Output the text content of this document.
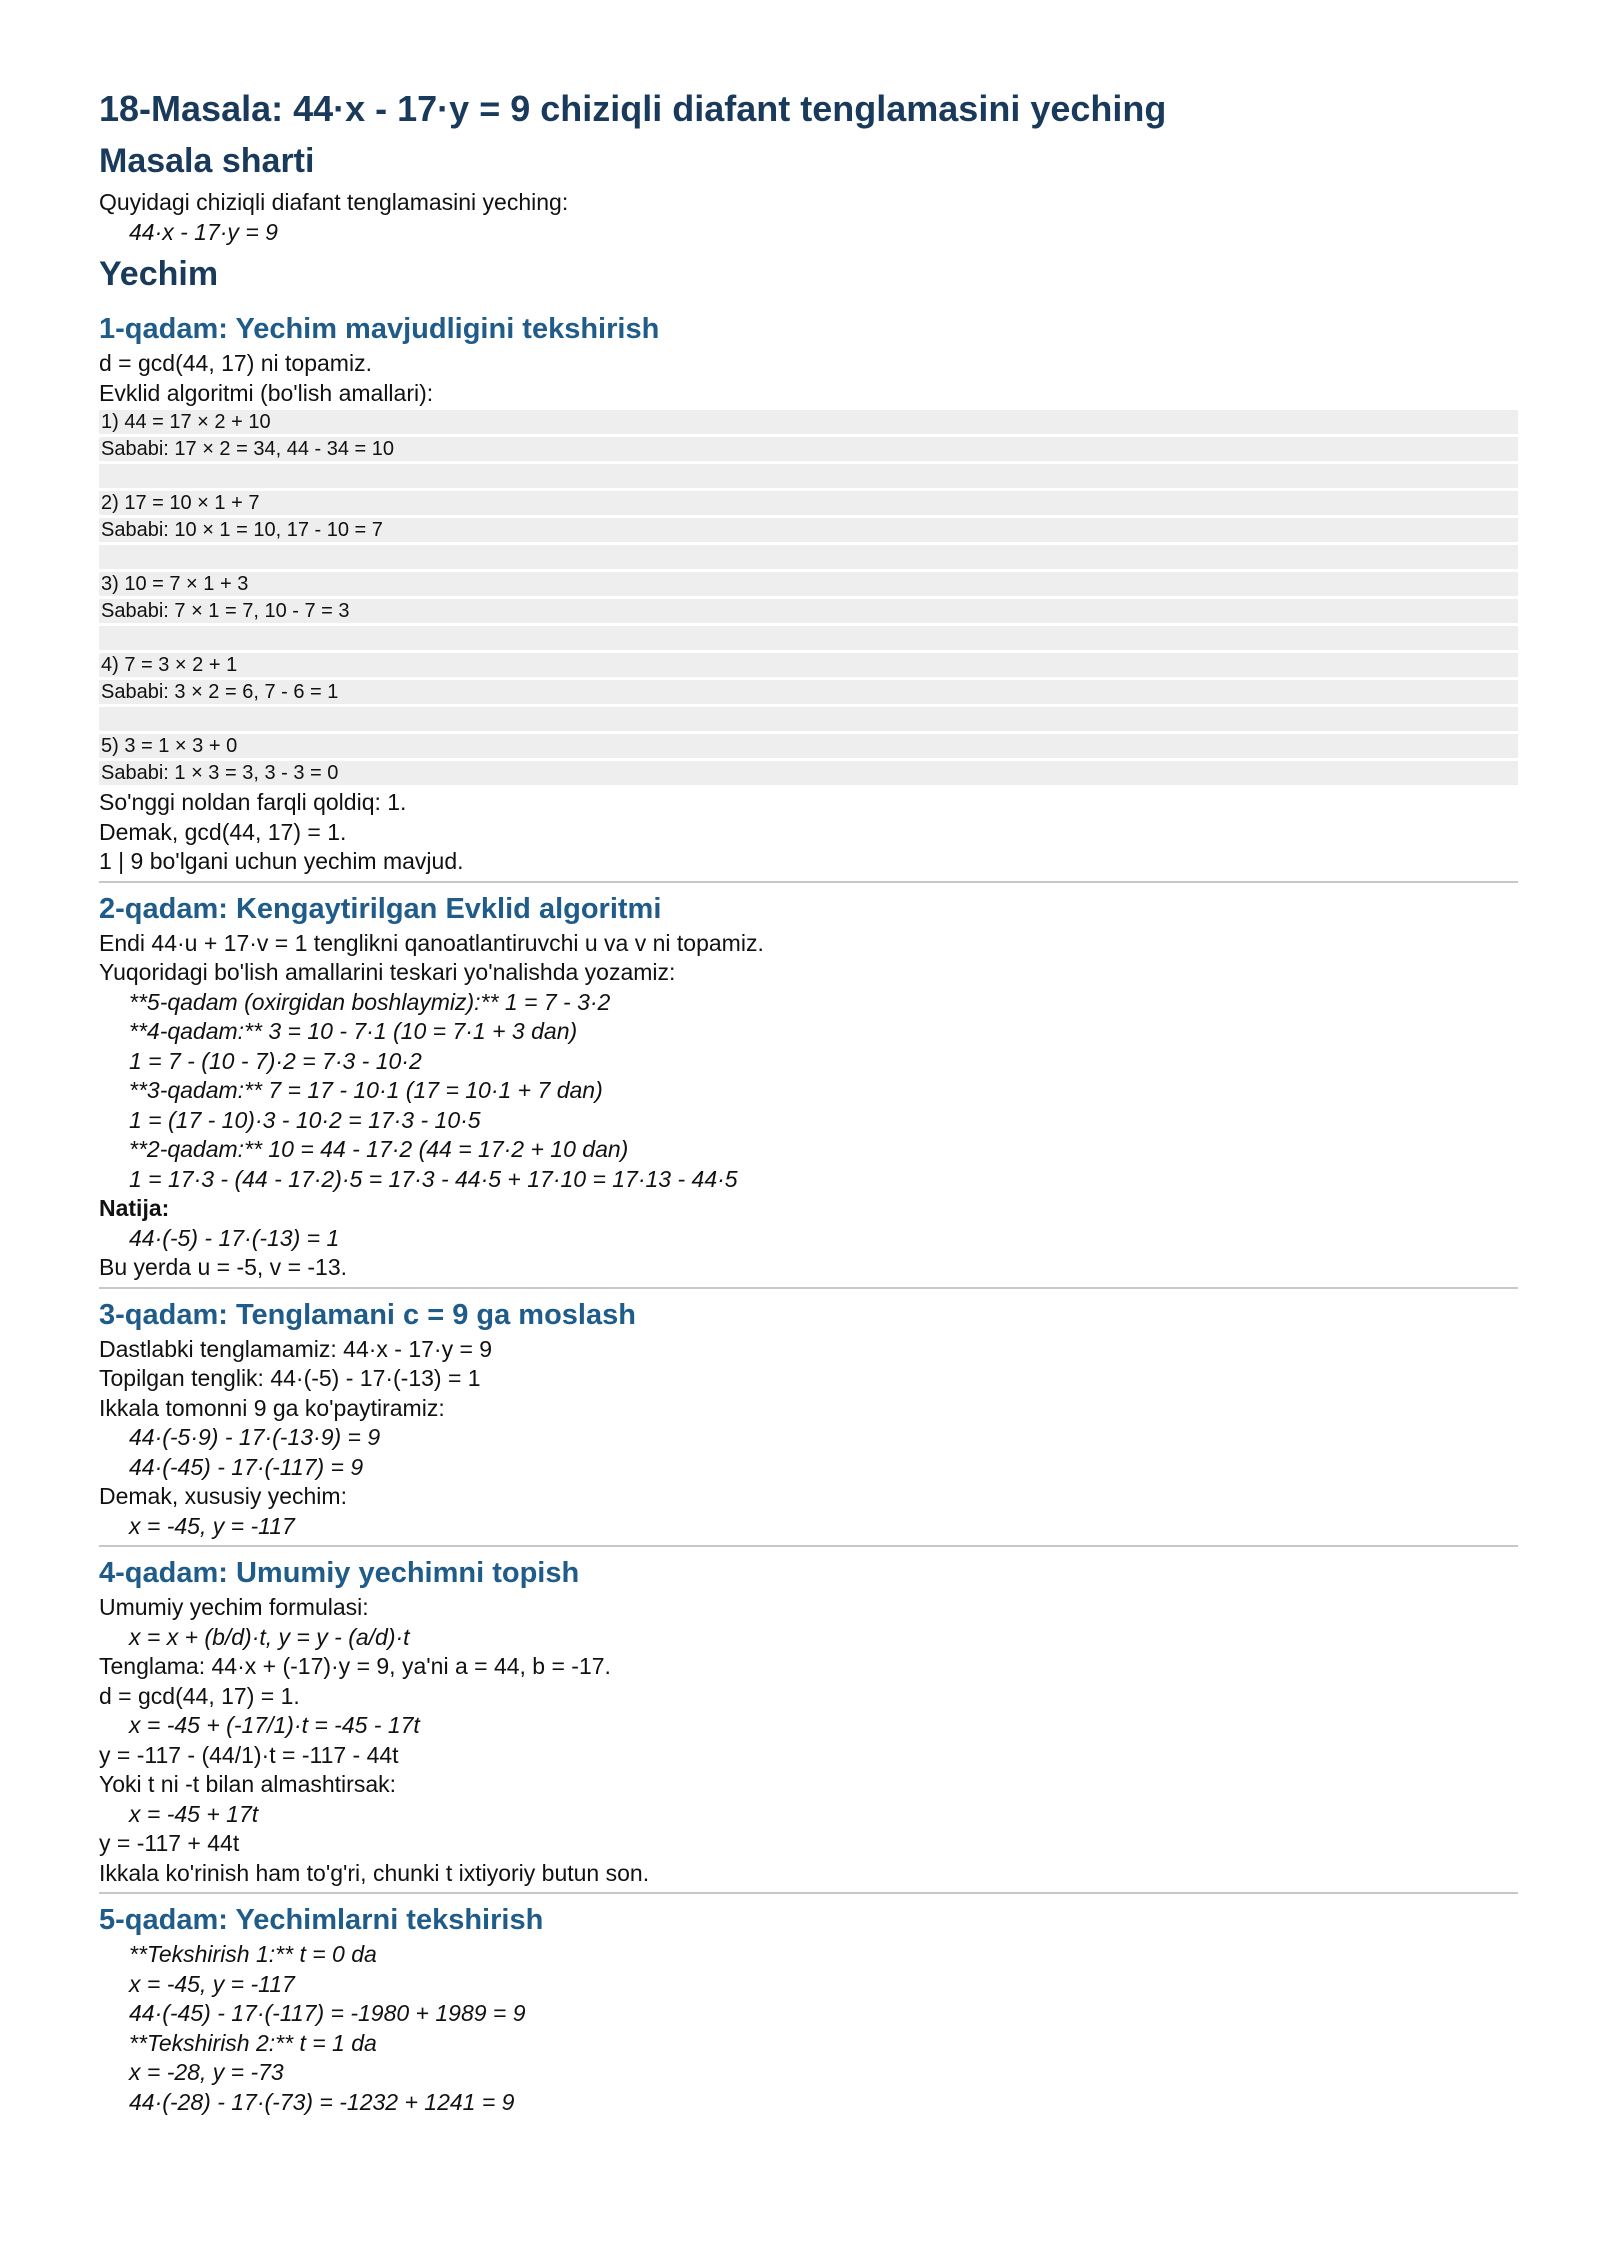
18-Masala: 44·x - 17·y = 9 chiziqli diafant tenglamasini yeching
Masala sharti

Quyidagi chiziqli diafant tenglamasini yeching:

44·x - 17·y = 9

Yechim
1-qadam: Yechim mavjudligini tekshirish

d = gcd(44, 17) ni topamiz.

Evklid algoritmi (bo'lish amallari):

1) 44 = 17 × 2 + 10
Sababi: 17 × 2 = 34, 44 - 34 = 10
2) 17 = 10 × 1 + 7
Sababi: 10 × 1 = 10, 17 - 10 = 7
3) 10 = 7 × 1 + 3
Sababi: 7 × 1 = 7, 10 - 7 = 3
4) 7 = 3 × 2 + 1
Sababi: 3 × 2 = 6, 7 - 6 = 1
5) 3 = 1 × 3 + 0
Sababi: 1 × 3 = 3, 3 - 3 = 0

So'nggi noldan farqli qoldiq: 1.

Demak, gcd(44, 17) = 1.

1 | 9 bo'lgani uchun yechim mavjud.

2-qadam: Kengaytirilgan Evklid algoritmi

Endi 44·u + 17·v = 1 tenglikni qanoatlantiruvchi u va v ni topamiz.

Yuqoridagi bo'lish amallarini teskari yo'nalishda yozamiz:

**5-qadam (oxirgidan boshlaymiz):** 1 = 7 - 3·2

**4-qadam:** 3 = 10 - 7·1 (10 = 7·1 + 3 dan)

1 = 7 - (10 - 7)·2 = 7·3 - 10·2

**3-qadam:** 7 = 17 - 10·1 (17 = 10·1 + 7 dan)

1 = (17 - 10)·3 - 10·2 = 17·3 - 10·5

**2-qadam:** 10 = 44 - 17·2 (44 = 17·2 + 10 dan)

1 = 17·3 - (44 - 17·2)·5 = 17·3 - 44·5 + 17·10 = 17·13 - 44·5

Natija:

44·(-5) - 17·(-13) = 1

Bu yerda u = -5, v = -13.

3-qadam: Tenglamani c = 9 ga moslash

Dastlabki tenglamamiz: 44·x - 17·y = 9

Topilgan tenglik: 44·(-5) - 17·(-13) = 1

Ikkala tomonni 9 ga ko'paytiramiz:

44·(-5·9) - 17·(-13·9) = 9

44·(-45) - 17·(-117) = 9

Demak, xususiy yechim:

x = -45, y = -117

4-qadam: Umumiy yechimni topish

Umumiy yechim formulasi:

x = x + (b/d)·t, y = y - (a/d)·t

Tenglama: 44·x + (-17)·y = 9, ya'ni a = 44, b = -17.

d = gcd(44, 17) = 1.

x = -45 + (-17/1)·t = -45 - 17t

y = -117 - (44/1)·t = -117 - 44t

Yoki t ni -t bilan almashtirsak:

x = -45 + 17t

y = -117 + 44t

Ikkala ko'rinish ham to'g'ri, chunki t ixtiyoriy butun son.

5-qadam: Yechimlarni tekshirish

**Tekshirish 1:** t = 0 da

x = -45, y = -117

44·(-45) - 17·(-117) = -1980 + 1989 = 9

**Tekshirish 2:** t = 1 da

x = -28, y = -73

44·(-28) - 17·(-73) = -1232 + 1241 = 9
